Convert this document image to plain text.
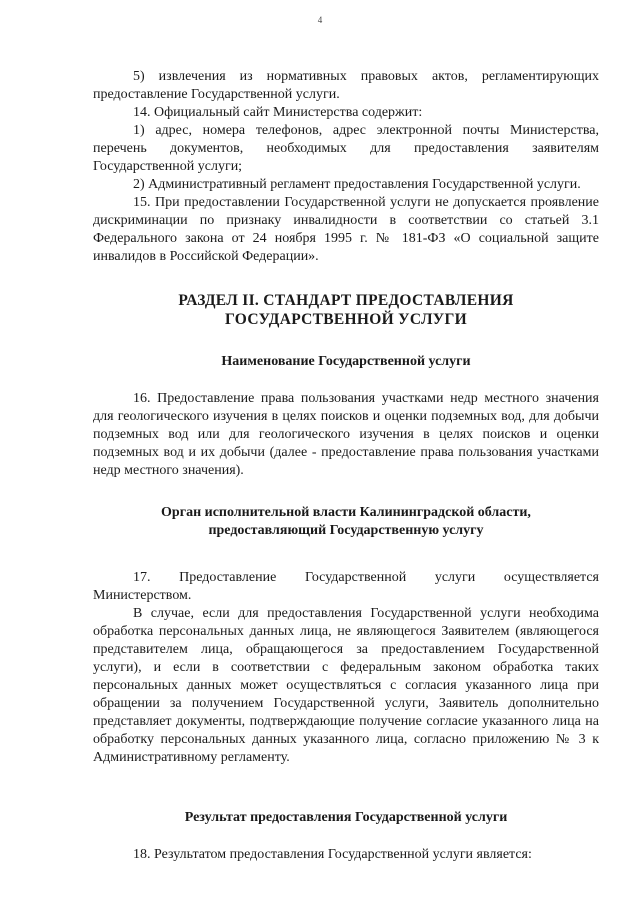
4

5) извлечения из нормативных правовых актов, регламентирующих предоставление Государственной услуги.

14. Официальный сайт Министерства содержит:

1) адрес, номера телефонов, адрес электронной почты Министерства, перечень документов, необходимых для предоставления заявителям Государственной услуги;

2) Административный регламент предоставления Государственной услуги.

15. При предоставлении Государственной услуги не допускается проявление дискриминации по признаку инвалидности в соответствии со статьей 3.1 Федерального закона от 24 ноября 1995 г. № 181-ФЗ «О социальной защите инвалидов в Российской Федерации».

РАЗДЕЛ II. СТАНДАРТ ПРЕДОСТАВЛЕНИЯ
ГОСУДАРСТВЕННОЙ УСЛУГИ
Наименование Государственной услуги

16. Предоставление права пользования участками недр местного значения для геологического изучения в целях поисков и оценки подземных вод, для добычи подземных вод или для геологического изучения в целях поисков и оценки подземных вод и их добычи (далее - предоставление права пользования участками недр местного значения).

Орган исполнительной власти Калининградской области,
предоставляющий Государственную услугу

17. Предоставление Государственной услуги осуществляется Министерством.

В случае, если для предоставления Государственной услуги необходима обработка персональных данных лица, не являющегося Заявителем (являющегося представителем лица, обращающегося за предоставлением Государственной услуги), и если в соответствии с федеральным законом обработка таких персональных данных может осуществляться с согласия указанного лица при обращении за получением Государственной услуги, Заявитель дополнительно представляет документы, подтверждающие получение согласие указанного лица на обработку персональных данных указанного лица, согласно приложению № 3 к Административному регламенту.

Результат предоставления Государственной услуги

18. Результатом предоставления Государственной услуги является:
